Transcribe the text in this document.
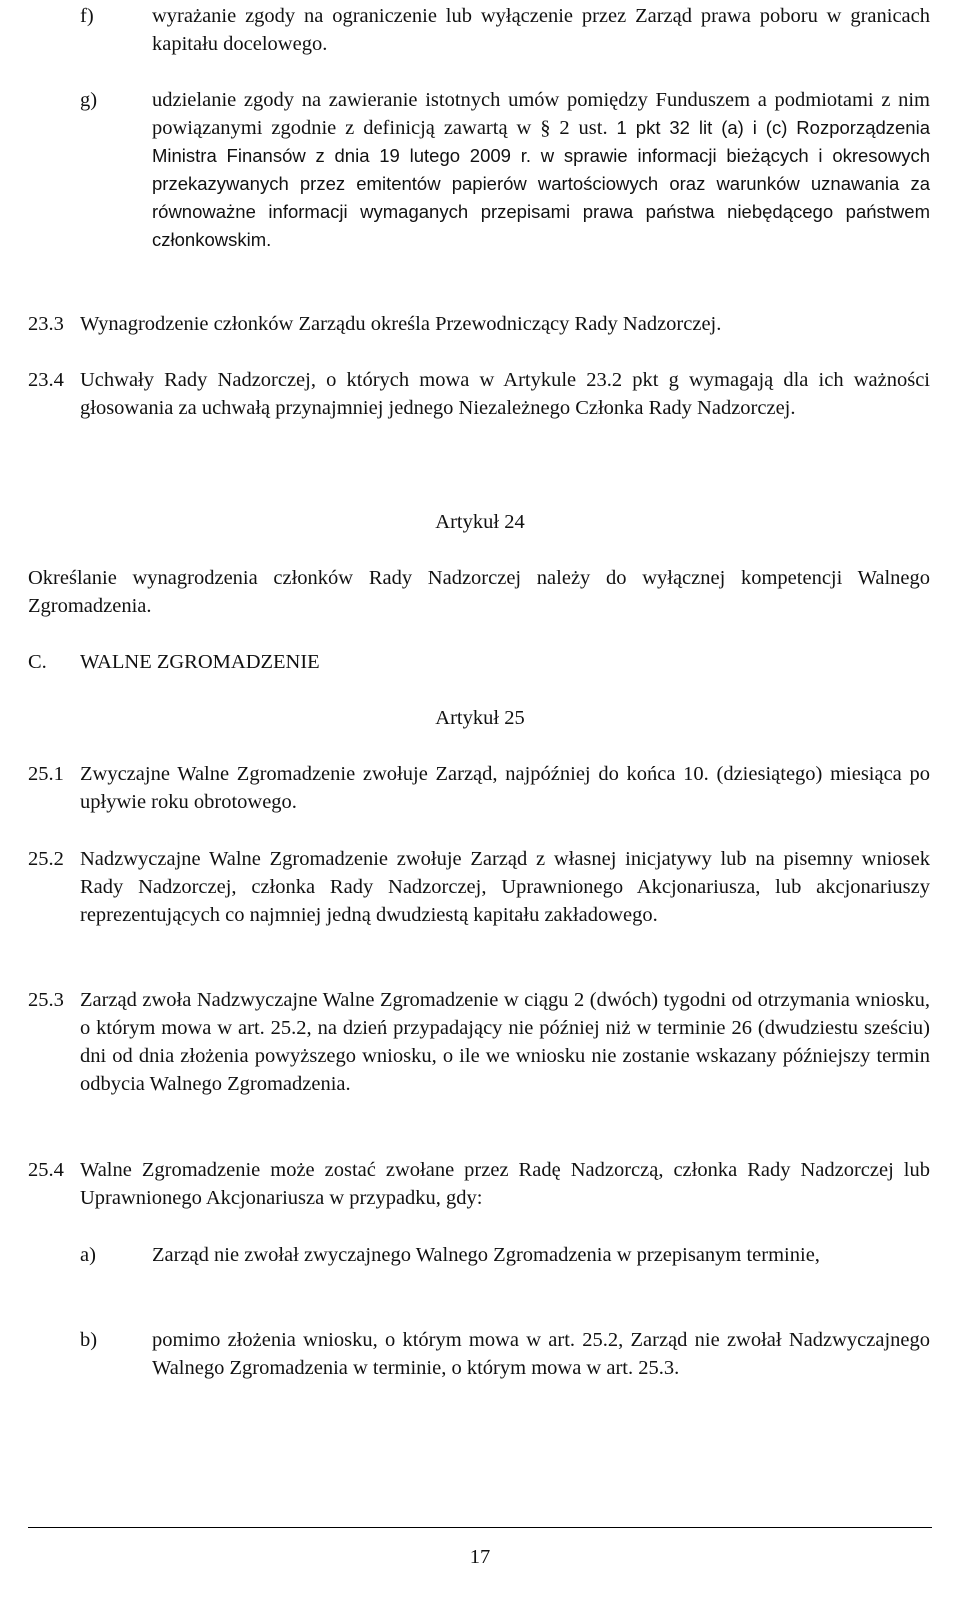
f)	wyrażanie zgody na ograniczenie lub wyłączenie przez Zarząd prawa poboru w granicach kapitału docelowego.

g)	udzielanie zgody na zawieranie istotnych umów pomiędzy Funduszem a podmiotami z nim powiązanymi zgodnie z definicją zawartą w § 2 ust. 1 pkt 32 lit (a) i (c) Rozporządzenia Ministra Finansów z dnia 19 lutego 2009 r. w sprawie informacji bieżących i okresowych przekazywanych przez emitentów papierów wartościowych oraz warunków uznawania za równoważne informacji wymaganych przepisami prawa państwa niebędącego państwem członkowskim.

23.3 Wynagrodzenie członków Zarządu określa Przewodniczący Rady Nadzorczej.

23.4 Uchwały Rady Nadzorczej, o których mowa w Artykule 23.2 pkt g wymagają dla ich ważności głosowania za uchwałą przynajmniej jednego Niezależnego Członka Rady Nadzorczej.

Artykuł 24

Określanie wynagrodzenia członków Rady Nadzorczej należy do wyłącznej kompetencji Walnego Zgromadzenia.

C. WALNE ZGROMADZENIE
Artykuł 25
25.1 Zwyczajne Walne Zgromadzenie zwołuje Zarząd, najpóźniej do końca 10. (dziesiątego) miesiąca po upływie roku obrotowego.

25.2 Nadzwyczajne Walne Zgromadzenie zwołuje Zarząd z własnej inicjatywy lub na pisemny wniosek Rady Nadzorczej, członka Rady Nadzorczej, Uprawnionego Akcjonariusza, lub akcjonariuszy reprezentujących co najmniej jedną dwudziestą kapitału zakładowego.

25.3 Zarząd zwoła Nadzwyczajne Walne Zgromadzenie w ciągu 2 (dwóch) tygodni od otrzymania wniosku, o którym mowa w art. 25.2, na dzień przypadający nie później niż w terminie 26 (dwudziestu sześciu) dni od dnia złożenia powyższego wniosku, o ile we wniosku nie zostanie wskazany późniejszy termin odbycia Walnego Zgromadzenia.

25.4 Walne Zgromadzenie może zostać zwołane przez Radę Nadzorczą, członka Rady Nadzorczej lub Uprawnionego Akcjonariusza w przypadku, gdy:

a)	Zarząd nie zwołał zwyczajnego Walnego Zgromadzenia w przepisanym terminie,

b)	pomimo złożenia wniosku, o którym mowa w art. 25.2, Zarząd nie zwołał Nadzwyczajnego Walnego Zgromadzenia w terminie, o którym mowa w art. 25.3.

17
